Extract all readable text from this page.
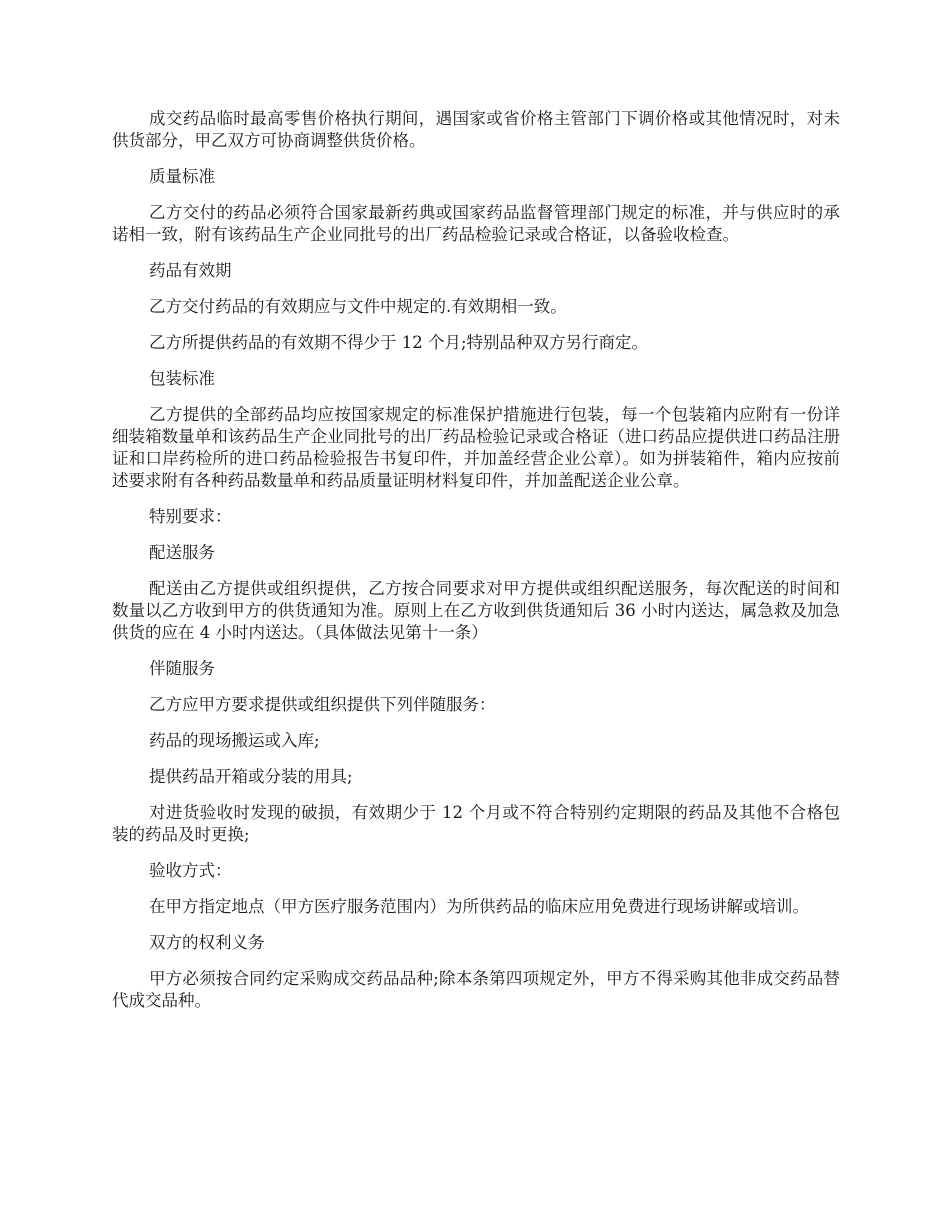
成交药品临时最高零售价格执行期间，遇国家或省价格主管部门下调价格或其他情况时，对未供货部分，甲乙双方可协商调整供货价格。

质量标准

乙方交付的药品必须符合国家最新药典或国家药品监督管理部门规定的标准，并与供应时的承诺相一致，附有该药品生产企业同批号的出厂药品检验记录或合格证，以备验收检查。

药品有效期

乙方交付药品的有效期应与文件中规定的.有效期相一致。

乙方所提供药品的有效期不得少于 12 个月;特别品种双方另行商定。

包装标准

乙方提供的全部药品均应按国家规定的标准保护措施进行包装，每一个包装箱内应附有一份详细装箱数量单和该药品生产企业同批号的出厂药品检验记录或合格证（进口药品应提供进口药品注册证和口岸药检所的进口药品检验报告书复印件，并加盖经营企业公章）。如为拼装箱件，箱内应按前述要求附有各种药品数量单和药品质量证明材料复印件，并加盖配送企业公章。

特别要求：

配送服务

配送由乙方提供或组织提供，乙方按合同要求对甲方提供或组织配送服务，每次配送的时间和数量以乙方收到甲方的供货通知为准。原则上在乙方收到供货通知后 36 小时内送达，属急救及加急供货的应在 4 小时内送达。（具体做法见第十一条）

伴随服务

乙方应甲方要求提供或组织提供下列伴随服务：

药品的现场搬运或入库;

提供药品开箱或分装的用具;

对进货验收时发现的破损，有效期少于 12 个月或不符合特别约定期限的药品及其他不合格包装的药品及时更换;

验收方式：

在甲方指定地点（甲方医疗服务范围内）为所供药品的临床应用免费进行现场讲解或培训。

双方的权利义务

甲方必须按合同约定采购成交药品品种;除本条第四项规定外，甲方不得采购其他非成交药品替代成交品种。
